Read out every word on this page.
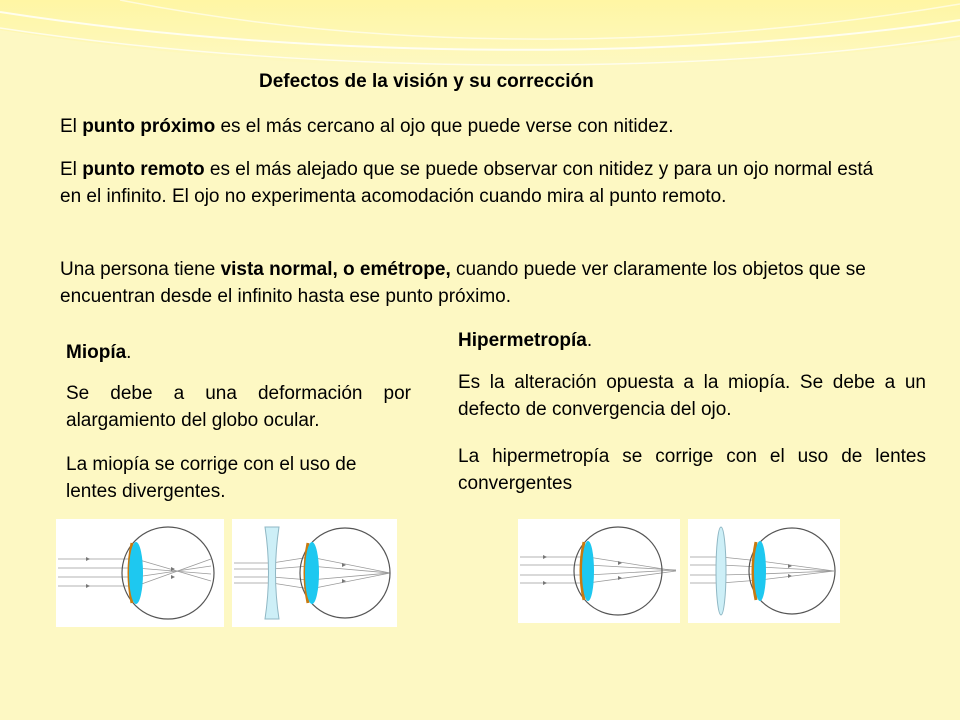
Defectos de la visión y su corrección

El punto próximo es el más cercano al ojo que puede verse con nitidez.

El punto remoto es el más alejado que se puede observar con nitidez y para un ojo normal está en el infinito. El ojo no experimenta acomodación cuando mira al punto remoto.

Una persona tiene vista normal, o emétrope, cuando puede ver claramente los objetos que se encuentran desde el infinito hasta ese punto próximo.

Miopía.

Se debe a una deformación por alargamiento del globo ocular.

La miopía se corrige con el uso de lentes divergentes.

Hipermetropía.

Es la alteración opuesta a la miopía. Se debe a un defecto de convergencia del ojo.

La hipermetropía se corrige con el uso de lentes convergentes
